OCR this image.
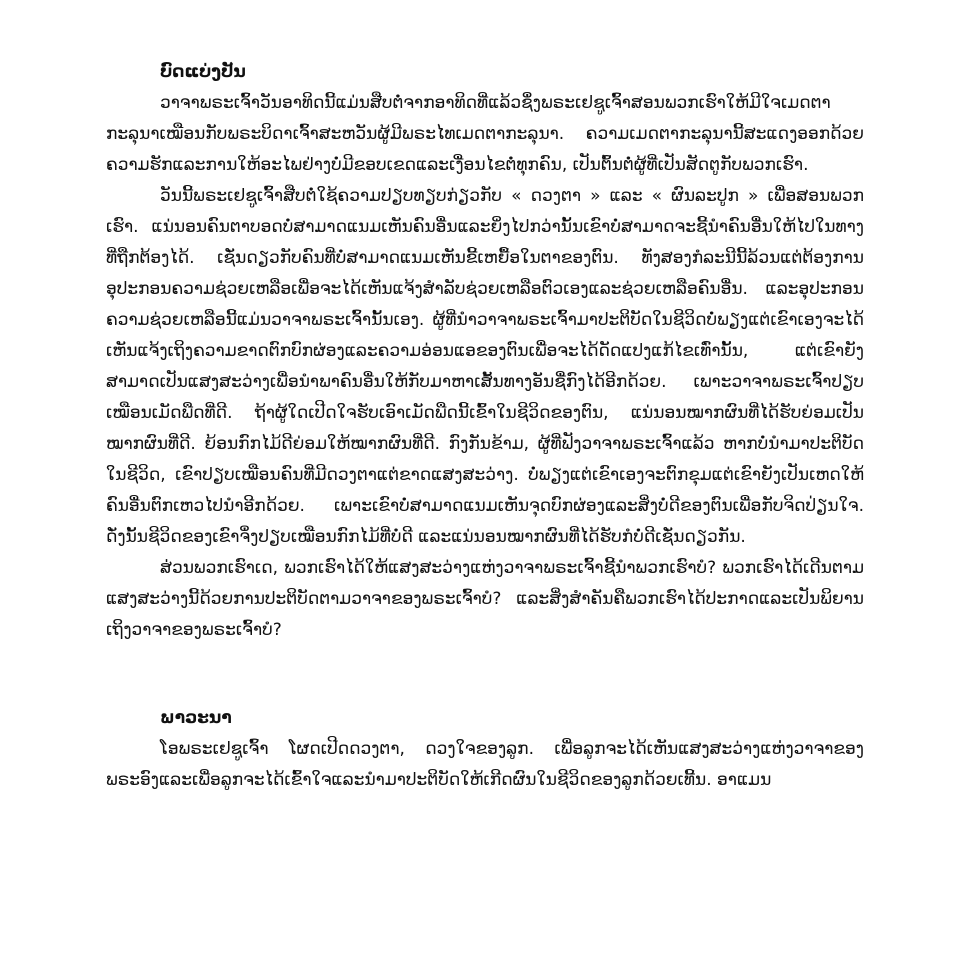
ບົດແບ່ງປັນ

ວາຈາພຣະເຈົ້າວັນອາທິດນີ້ແມ່ນສືບຕໍ່ຈາກອາທິດທີ່ແລ້ວຊຶ່ງພຣະເຢຊູເຈົ້າສອນພວກເຮົາໃຫ້ມີໃຈເມດຕາກະລຸນາເໝືອນກັບພຣະບິດາເຈົ້າສະຫວັນຜູ້ມີພຣະໄທເມດຕາກະລຸນາ. ຄວາມເມດຕາກະລຸນານີ້ສະແດງອອກດ້ວຍຄວາມຮັກແລະການໃຫ້ອະໄພຢ່າງບໍ່ມີຂອບເຂດແລະເງື່ອນໄຂຕໍ່ທຸກຄົນ, ເປັນຕົ້ນຕໍ່ຜູ້ທີ່ເປັນສັດຕູກັບພວກເຮົາ.

ວັນນີ້ພຣະເຢຊູເຈົ້າສືບຕໍ່ໃຊ້ຄວາມປຽບທຽບກ່ຽວກັບ « ດວງຕາ » ແລະ « ຜົນລະປູກ » ເພື່ອສອນພວກເຮົາ. ແນ່ນອນຄົນຕາບອດບໍ່ສາມາດແນມເຫັນຄົນອື່ນແລະຍິ່ງໄປກວ່ານັ້ນເຂົາບໍ່ສາມາດຈະຊີ້ນໍາຄົນອື່ນໃຫ້ໄປໃນທາງທີ່ຖືກຕ້ອງໄດ້. ເຊັ່ນດຽວກັບຄົນທີ່ບໍ່ສາມາດແນມເຫັນຂີ້ເຫຍື້ອໃນຕາຂອງຕົນ. ທັງສອງກໍລະນີນີ້ລ້ວນແຕ່ຕ້ອງການອຸປະກອນຄວາມຊ່ວຍເຫລືອເພື່ອຈະໄດ້ເຫັນແຈ້ງສໍາລັບຊ່ວຍເຫລືອຕົວເອງແລະຊ່ວຍເຫລືອຄົນອື່ນ. ແລະອຸປະກອນຄວາມຊ່ວຍເຫລືອນີ້ແມ່ນວາຈາພຣະເຈົ້ານັ້ນເອງ. ຜູ້ທີ່ນໍາວາຈາພຣະເຈົ້າມາປະຕິບັດໃນຊີວິດບໍ່ພຽງແຕ່ເຂົາເອງຈະໄດ້ເຫັນແຈ້ງເຖິງຄວາມຂາດຕົກບົກຜ່ອງແລະຄວາມອ່ອນແອຂອງຕົນເພື່ອຈະໄດ້ດັດແປງແກ້ໄຂເທົ່ານັ້ນ, ແຕ່ເຂົາຍັງສາມາດເປັນແສງສະວ່າງເພື່ອນໍາພາຄົນອື່ນໃຫ້ກັບມາຫາເສັ້ນທາງອັນຊື່ກົງໄດ້ອີກດ້ວຍ. ເພາະວາຈາພຣະເຈົ້າປຽບເໝືອນເມັດພືດທີ່ດີ. ຖ້າຜູ້ໃດເປີດໃຈຮັບເອົາເມັດພືດນີ້ເຂົ້າໃນຊີວິດຂອງຕົນ, ແນ່ນອນໝາກຜົນທີ່ໄດ້ຮັບຍ່ອມເປັນໝາກຜົນທີ່ດີ. ຍ້ອນກົກໄມ້ດີຍ່ອມໃຫ້ໝາກຜົນທີ່ດີ. ກົງກັນຂ້າມ, ຜູ້ທີ່ຟັງວາຈາພຣະເຈົ້າແລ້ວ ຫາກບໍ່ນໍາມາປະຕິບັດໃນຊີວິດ, ເຂົາປຽບເໝືອນຄົນທີ່ມີດວງຕາແຕ່ຂາດແສງສະວ່າງ. ບໍ່ພຽງແຕ່ເຂົາເອງຈະຕົກຂຸມແຕ່ເຂົາຍັງເປັນເຫດໃຫ້ຄົນອື່ນຕົກເຫວໄປນໍາອີກດ້ວຍ. ເພາະເຂົາບໍ່ສາມາດແນມເຫັນຈຸດບົກຜ່ອງແລະສິ່ງບໍ່ດີຂອງຕົນເພື່ອກັບຈິດປ່ຽນໃຈ. ດັ່ງນັ້ນຊີວິດຂອງເຂົາຈຶ່ງປຽບເໝືອນກົກໄມ້ທີ່ບໍ່ດີ ແລະແນ່ນອນໝາກຜົນທີ່ໄດ້ຮັບກໍບໍ່ດີເຊັ່ນດຽວກັນ.

ສ່ວນພວກເຮົາເດ, ພວກເຮົາໄດ້ໃຫ້ແສງສະວ່າງແຫ່ງວາຈາພຣະເຈົ້າຊີ້ນໍາພວກເຮົາບໍ? ພວກເຮົາໄດ້ເດີນຕາມແສງສະວ່າງນີ້ດ້ວຍການປະຕິບັດຕາມວາຈາຂອງພຣະເຈົ້າບໍ? ແລະສິ່ງສໍາຄັນຄືພວກເຮົາໄດ້ປະກາດແລະເປັນພິຍານເຖິງວາຈາຂອງພຣະເຈົ້າບໍ?

ພາວະນາ

ໂອພຣະເຢຊູເຈົ້າ ໂຜດເປີດດວງຕາ, ດວງໃຈຂອງລູກ. ເພື່ອລູກຈະໄດ້ເຫັນແສງສະວ່າງແຫ່ງວາຈາຂອງພຣະອົງແລະເພື່ອລູກຈະໄດ້ເຂົ້າໃຈແລະນໍາມາປະຕິບັດໃຫ້ເກີດຜົນໃນຊີວິດຂອງລູກດ້ວຍເທີ້ນ. ອາແມນ
